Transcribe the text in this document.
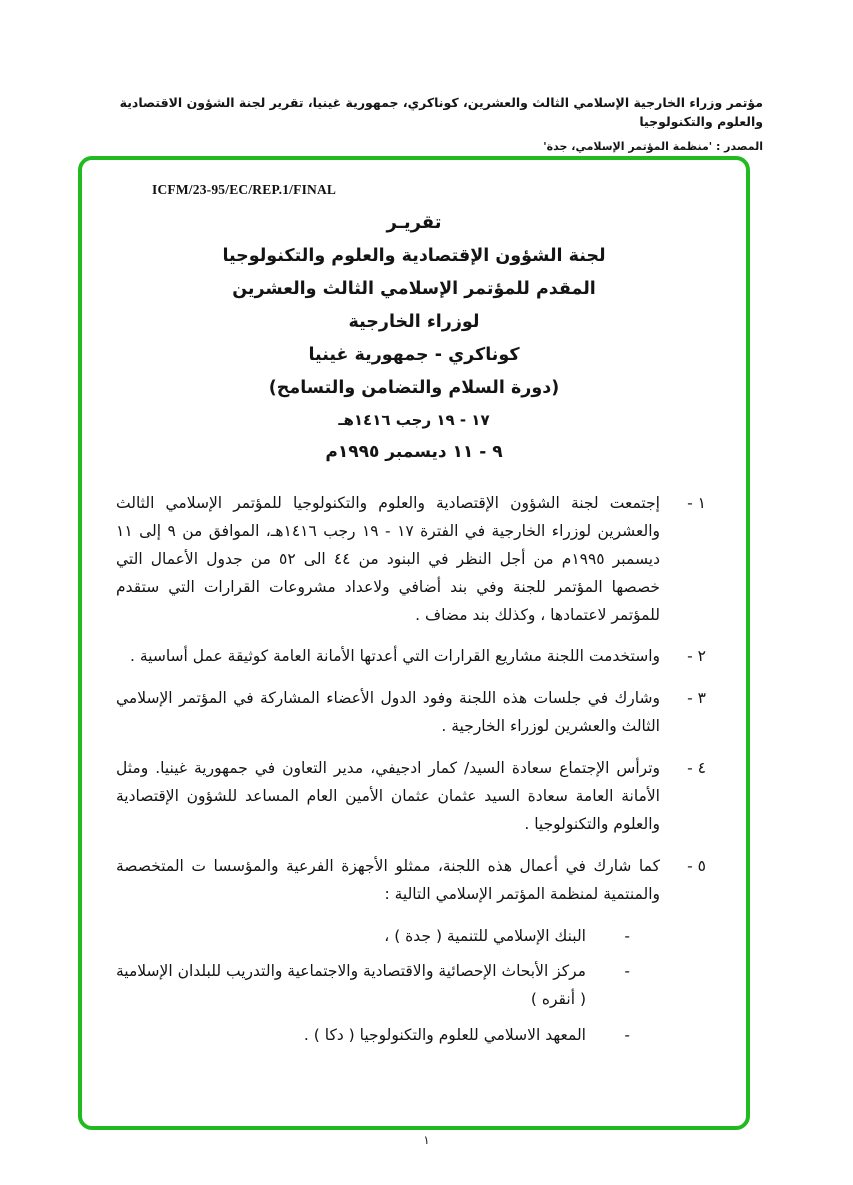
مؤتمر وزراء الخارجية الإسلامي الثالث والعشرين، كوناكري، جمهورية غينيا، تقرير لجنة الشؤون الاقتصادية والعلوم والتكنولوجيا
المصدر : 'منظمة المؤتمر الإسلامي، جدة'
ICFM/23-95/EC/REP.1/FINAL
تقريـر
لجنة الشؤون الإقتصادية والعلوم والتكنولوجيا
المقدم للمؤتمر الإسلامي الثالث والعشرين
لوزراء الخارجية
كوناكري - جمهورية غينيا
(دورة السلام والتضامن والتسامح)
١٧ - ١٩ رجب ١٤١٦هـ
٩ - ١١ ديسمبر ١٩٩٥م
١ -

إجتمعت لجنة الشؤون الإقتصادية والعلوم والتكنولوجيا للمؤتمر الإسلامي الثالث والعشرين لوزراء الخارجية في الفترة ١٧ - ١٩ رجب ١٤١٦هـ، الموافق من ٩ إلى ١١ ديسمبر ١٩٩٥م من أجل النظر في البنود من ٤٤ الى ٥٢ من جدول الأعمال التي خصصها المؤتمر للجنة وفي بند أضافي ولاعداد مشروعات القرارات التي ستقدم للمؤتمر لاعتمادها ، وكذلك بند مضاف .

٢ -

واستخدمت اللجنة مشاريع القرارات التي أعدتها الأمانة العامة كوثيقة عمل أساسية .

٣ -

وشارك في جلسات هذه اللجنة وفود الدول الأعضاء المشاركة في المؤتمر الإسلامي الثالث والعشرين لوزراء الخارجية .

٤ -

وترأس الإجتماع سعادة السيد/ كمار ادجيفي، مدير التعاون في جمهورية غينيا. ومثل الأمانة العامة سعادة السيد عثمان عثمان الأمين العام المساعد للشؤون الإقتصادية والعلوم والتكنولوجيا .

٥ -

كما شارك في أعمال هذه اللجنة، ممثلو الأجهزة الفرعية والمؤسسا ت المتخصصة والمنتمية لمنظمة المؤتمر الإسلامي التالية :

-

البنك الإسلامي للتنمية ( جدة ) ،

-

مركز الأبحاث الإحصائية والاقتصادية والاجتماعية والتدريب للبلدان الإسلامية ( أنقره )

-

المعهد الاسلامي للعلوم والتكنولوجيا ( دكا ) .

١
